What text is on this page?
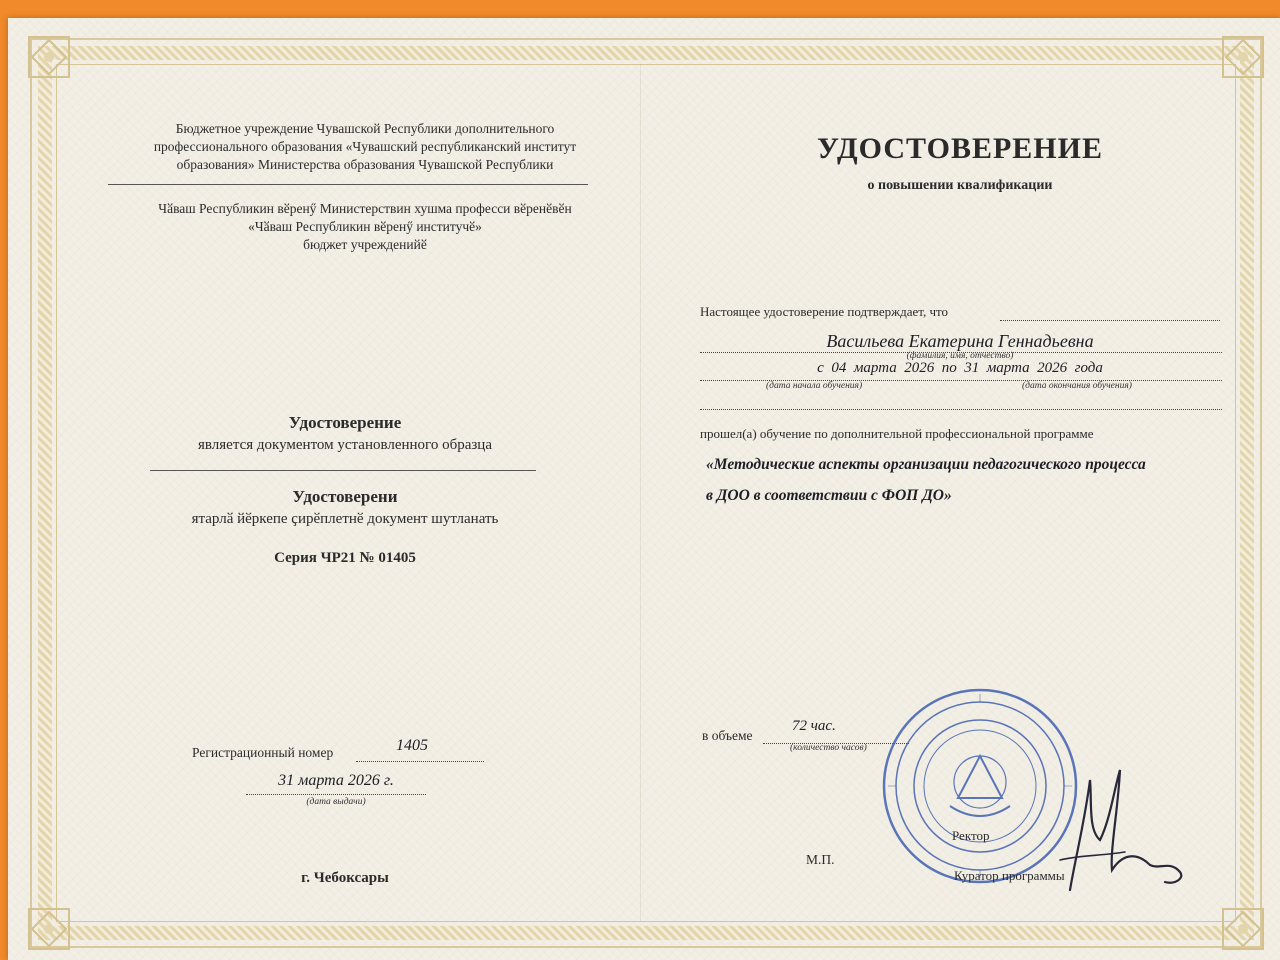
Бюджетное учреждение Чувашской Республики дополнительного
профессионального образования «Чувашский республиканский институт
образования» Министерства образования Чувашской Республики
Чӑваш Республикин вӗренӳ Министерствин хушма професси вӗренӗвӗн
«Чӑваш Республикин вӗренӳ институчӗ»
бюджет учрежденийӗ
Удостоверение
является документом установленного образца
Удостоверени
ятарлӑ йӗркепе ҫирӗплетнӗ документ шутланать
Серия ЧР21 № 01405
Регистрационный номер	1405
31 марта 2026 г.
(дата выдачи)
г. Чебоксары
УДОСТОВЕРЕНИЕ
о повышении квалификации
Настоящее удостоверение подтверждает, что
Васильева Екатерина Геннадьевна
(фамилия, имя, отчество)
с  04  марта  2026  по  31  марта  2026  года
(дата начала обучения)	(дата окончания обучения)
прошел(а) обучение по дополнительной профессиональной программе
«Методические аспекты организации педагогического процесса
в ДОО в соответствии с ФОП ДО»
в объеме
72 час.
(количество часов)
М.П.
Ректор
Куратор программы
